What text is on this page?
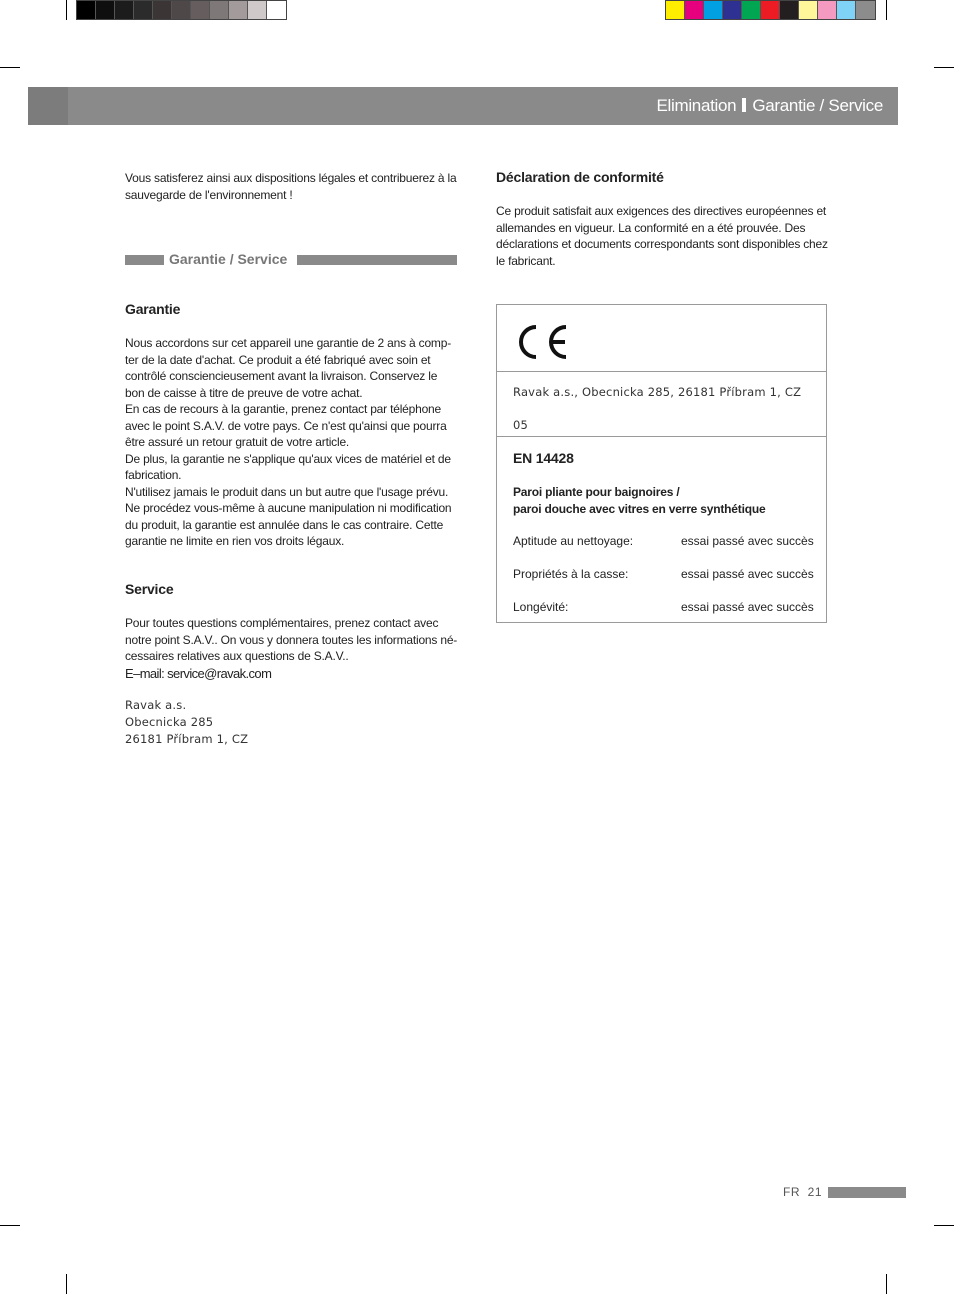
Elimination Garantie / Service
Vous satisferez ainsi aux dispositions légales et contribuerez à la sauvegarde de l'environnement !
Garantie / Service
Garantie
Nous accordons sur cet appareil une garantie de 2 ans à comp-ter de la date d'achat. Ce produit a été fabriqué avec soin et contrôlé consciencieusement avant la livraison. Conservez le bon de caisse à titre de preuve de votre achat.
En cas de recours à la garantie, prenez contact par téléphone avec le point S.A.V. de votre pays. Ce n'est qu'ainsi que pourra être assuré un retour gratuit de votre article.
De plus, la garantie ne s'applique qu'aux vices de matériel et de fabrication.
N'utilisez jamais le produit dans un but autre que l'usage prévu. Ne procédez vous-même à aucune manipulation ni modification du produit, la garantie est annulée dans le cas contraire. Cette garantie ne limite en rien vos droits légaux.
Service
Pour toutes questions complémentaires, prenez contact avec notre point S.A.V.. On vous y donnera toutes les informations né-cessaires relatives aux questions de S.A.V..
E–mail: service@ravak.com
Ravak a.s.
Obecnicka 285
26181 Příbram 1, CZ
Déclaration de conformité
Ce produit satisfait aux exigences des directives européennes et allemandes en vigueur. La conformité en a été prouvée. Des déclarations et documents correspondants sont disponibles chez le fabricant.
Ravak a.s., Obecnicka 285, 26181 Příbram 1, CZ
05
EN 14428
Paroi pliante pour baignoires /
paroi douche avec vitres en verre synthétique
Aptitude au nettoyage:	essai passé avec succès
Propriétés à la casse:	essai passé avec succès
Longévité:	essai passé avec succès
FR 21
